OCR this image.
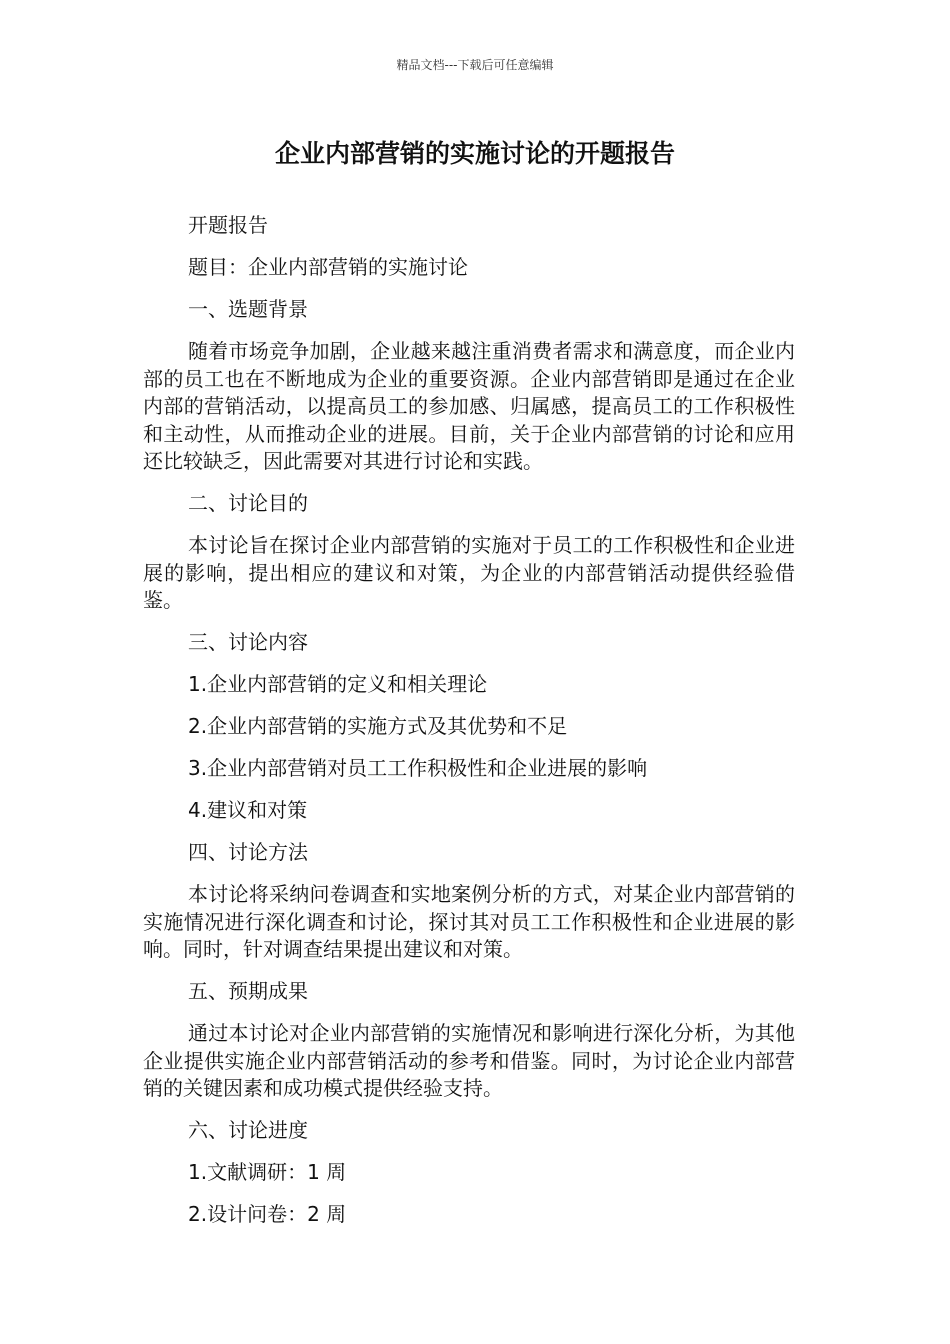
精品文档---下载后可任意编辑
企业内部营销的实施讨论的开题报告

开题报告

题目：企业内部营销的实施讨论

一、选题背景

随着市场竞争加剧，企业越来越注重消费者需求和满意度，而企业内部的员工也在不断地成为企业的重要资源。企业内部营销即是通过在企业内部的营销活动，以提高员工的参加感、归属感，提高员工的工作积极性和主动性，从而推动企业的进展。目前，关于企业内部营销的讨论和应用还比较缺乏，因此需要对其进行讨论和实践。

二、讨论目的

本讨论旨在探讨企业内部营销的实施对于员工的工作积极性和企业进展的影响，提出相应的建议和对策，为企业的内部营销活动提供经验借鉴。

三、讨论内容

1.企业内部营销的定义和相关理论

2.企业内部营销的实施方式及其优势和不足

3.企业内部营销对员工工作积极性和企业进展的影响

4.建议和对策

四、讨论方法

本讨论将采纳问卷调查和实地案例分析的方式，对某企业内部营销的实施情况进行深化调查和讨论，探讨其对员工工作积极性和企业进展的影响。同时，针对调查结果提出建议和对策。

五、预期成果

通过本讨论对企业内部营销的实施情况和影响进行深化分析，为其他企业提供实施企业内部营销活动的参考和借鉴。同时，为讨论企业内部营销的关键因素和成功模式提供经验支持。

六、讨论进度

1.文献调研：1 周

2.设计问卷：2 周
